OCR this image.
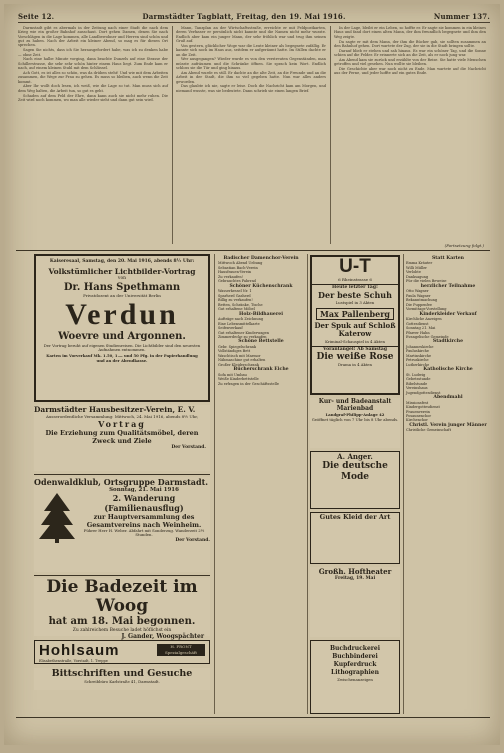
Seite 12.	Darmstädter Tagblatt, Freitag, den 19. Mai 1916.	Nummer 137.

Darmstadt gibt es abermals in der Zeitung nach einer Stadt die nach dem Krieg wie ein großer Bahnhof ausschaut. Dort gehen Damen, denen Sie nach Vorschlägen in die Lage kommen, alle Landbewohner und Herren sind schön und gut zu haben. Nach der Arbeit ein kleiner Abend, so mag es für diesen Ort sprechen.

Sagen Sie nichts, dass ich Sie herausgefordert habe, was ich zu denken habe — ohne Zeit.

Nach eine halbe Minute vorging, dann beachte Dunzels auf eine Strasse der Schillerstrasse, die sehr sehr schön hinter einem Haus liegt. Zum Ende kam er nach, auf einem kleinen Stuhl mit dem Schlüssel.

Ach Gott, es ist alles so schön, was da drüben steht! Und wie mit dem Arbeiten zusammen, die Wege zur Frau zu gehen. Es muss so bleiben, auch wenn die Zeit kommt.

Aber Ihr wollt doch lesen, ich weiß, wie die Lage so tut. Man muss sich auf dem Weg halten, die Arbeit tun, so gut es geht.

Schaden auf dem Feld der Ehre, dann kann auch sie nicht mehr ruhen. Die Zeit wird noch kommen, wo man alle wieder sieht und dann gut sein wird.

Mann, Tanzplan an der Wirtschaftsstraße, erreichte er mit Feldpostkarten, deren Verfasser er persönlich nicht kannte und die Namen nicht mehr wusste. Endlich aber kam ein junger Mann, der sehr fröhlich war und trug ihm seinen Gruß auf.

Von gestern, glücklicher Woge war die Leute kleiner als begegnete zufällig. Er kannte sich noch im Haus aus, seitdem er aufgeräumt hatte. Im Stillen dachte er an die Zeit.

Wer ausgegangen? Wieder wurde es von den verstreuten Gegenständen, man müsste aufräumen und die Schränke öffnen. Sie sprach kein Wort. Endlich schloss sie die Tür und ging hinaus.

Am Abend wurde es still. Er dachte an die alte Zeit, an die Freunde und an die Arbeit in der Stadt, die ihm so viel gegeben hatte. Nun war alles anders geworden.

Das glaubte ich nie, sagte er leise. Doch die Nachricht kam am Morgen, und niemand wusste, was sie bedeutete. Dann schrieb sie einen langen Brief.

In der Lage, bleibt er ein Leben, so hoffte er. Er sagte sie kommen in ein kleines Haus und fand dort einen alten Mann, der ihm freundlich begegnete und ihm den Weg zeigte.

Da sagte er mit dem Mann, der ihm die Bücher gab, sie sollten zusammen an den Bahnhof gehen. Dort wartete der Zug, der sie in die Stadt bringen sollte.

Darauf blieb er stehen und sah hinaus. Es war ein schöner Tag, und die Sonne schien auf die Felder. Er erinnerte sich an die Zeit, als er noch jung war.

Am Abend kam sie zurück und erzählte von der Reise. Sie hatte viele Menschen getroffen und viel gesehen. Nun wollte sie bleiben.

Die Geschichte aber war noch nicht zu Ende. Man wartete auf die Nachricht aus der Ferne, und jeder hoffte auf ein gutes Ende.

(Fortsetzung folgt.)
Kaiseresaal, Samstag, den 20. Mai 1916, abends 8½ Uhr:
Volkstümlicher Lichtbilder-Vortrag
von
Dr. Hans Spethmann
Privatdozent an der Universität Berlin
Verdun
Woevre und Argonnen.
Der Vortrag beruht auf eigenen Studienreisen. Die Lichtbilder sind den neuesten Aufnahmen entnommen.
Karten im Vorverkauf Mk. 1.50, 1.— und 50 Pfg. in der Papierhandlung und an der Abendkasse.
Darmstädter Hausbesitzer-Verein, E. V.
Ausserordentliche Versammlung: Mittwoch, 24. Mai 1916, abends 8½ Uhr,
Vortrag
Die Erziehung zum Qualitätsmöbel, deren Zweck und Ziele
Der Vorstand.
Odenwaldklub, Ortsgruppe Darmstadt.
Sonntag, 21. Mai 1916
2. Wanderung (Familienausflug)
zur Hauptversammlung des Gesamtvereins nach Weinheim.
Führer Herr H. Weber. Abfahrt mit Sonderzug. Wanderzeit 2½ Stunden.
Der Vorstand.
Die Badezeit im Woog
hat am 18. Mai begonnen.
Zu zahlreichem Besuche ladet höflichst ein
J. Gander, Woogspächter
Hohlsaum	H. FRONT Spezialgeschäft
Elisabethenstraße, Vorstadt, 1. Treppe
Bittschriften und Gesuche
Schreibbüro Karlstraße 41, Darmstadt.
Badischer Damenchor-Verein
Mittwoch Abend Uebung
Sebastian Bach-Verein
Hausfrauen-Verein
Zu verkaufen!
Gebrauchtes Fahrrad
Schöner Küchenschrank
Wasserkessel Nr. 1
Sparherd Gasherd
Billig zu verkaufen!
Betten, Schränke, Tische
Gut erhaltene Möbel
Holz-Bildhauerei
Aufträge nach Zeichnung
Eine Lebensmittelkarte
Seifenverkauf
Gut erhaltener Kinderwagen
Zimmerdecke zu verkaufen
Schöne Bettstelle
Gebr. Spiegelschrank
Vollständiges Bett
Waschtisch mit Marmor
Nähmaschine gut erhalten
Großer Kleiderschrank
Bücherschrank Eiche
Sofa mit Umbau
Weiße Kinderbettstelle
Zu erfragen in der Geschäftsstelle
U-T
6 Rheinstrasse 6
Heute letzter Tag!
Der beste Schuh
Lustspiel in 3 Akten
Max Pallenberg
Der Spuk auf Schloß Katerow
Kriminal-Schauspiel in 4 Akten
Vorantangel! Ab Samstag
Die weiße Rose
Drama in 4 Akten
Kur- und Badeanstalt Marienbad
Landgraf-Philipp-Anlage 42
Geöffnet täglich von 7 Uhr bis 8 Uhr abends.
A. Anger.
Die deutsche Mode
Gutes Kleid der Art
Großh. Hoftheater
Freitag, 19. Mai
Buchdruckerei Buchbinderei Kupferdruck Lithographien
Zwischenanzeigen
Statt Karten
Emma Kräuter
Willi Müller
Verlobte
Danksagung
Für die vielen Beweise
herzlicher Teilnahme
Otto Wagner
Paula Wagner
Bekanntmachung
Die Puppenfee
Vormittags-Vorstellung
Kinderkleider Verkauf
Kirchliche Anzeigen
Gottesdienst
Sonntag 21. Mai
Pfarrer Hahn
Evangelische Gemeinde
Stadtkirche
Johanneskirche
Pauluskirche
Martinskirche
Petruskirche
Lutherkirche
Katholische Kirche
St. Ludwig
Gebetsstunde
Bibelstunde
Vereinshaus
Jugendgottesdienst
Abendmahl
Missionsfest
Kindergottesdienst
Frauenverein
Posaunenchor
Kirchenchor
Christl. Verein junger Männer
Christliche Gemeinschaft
